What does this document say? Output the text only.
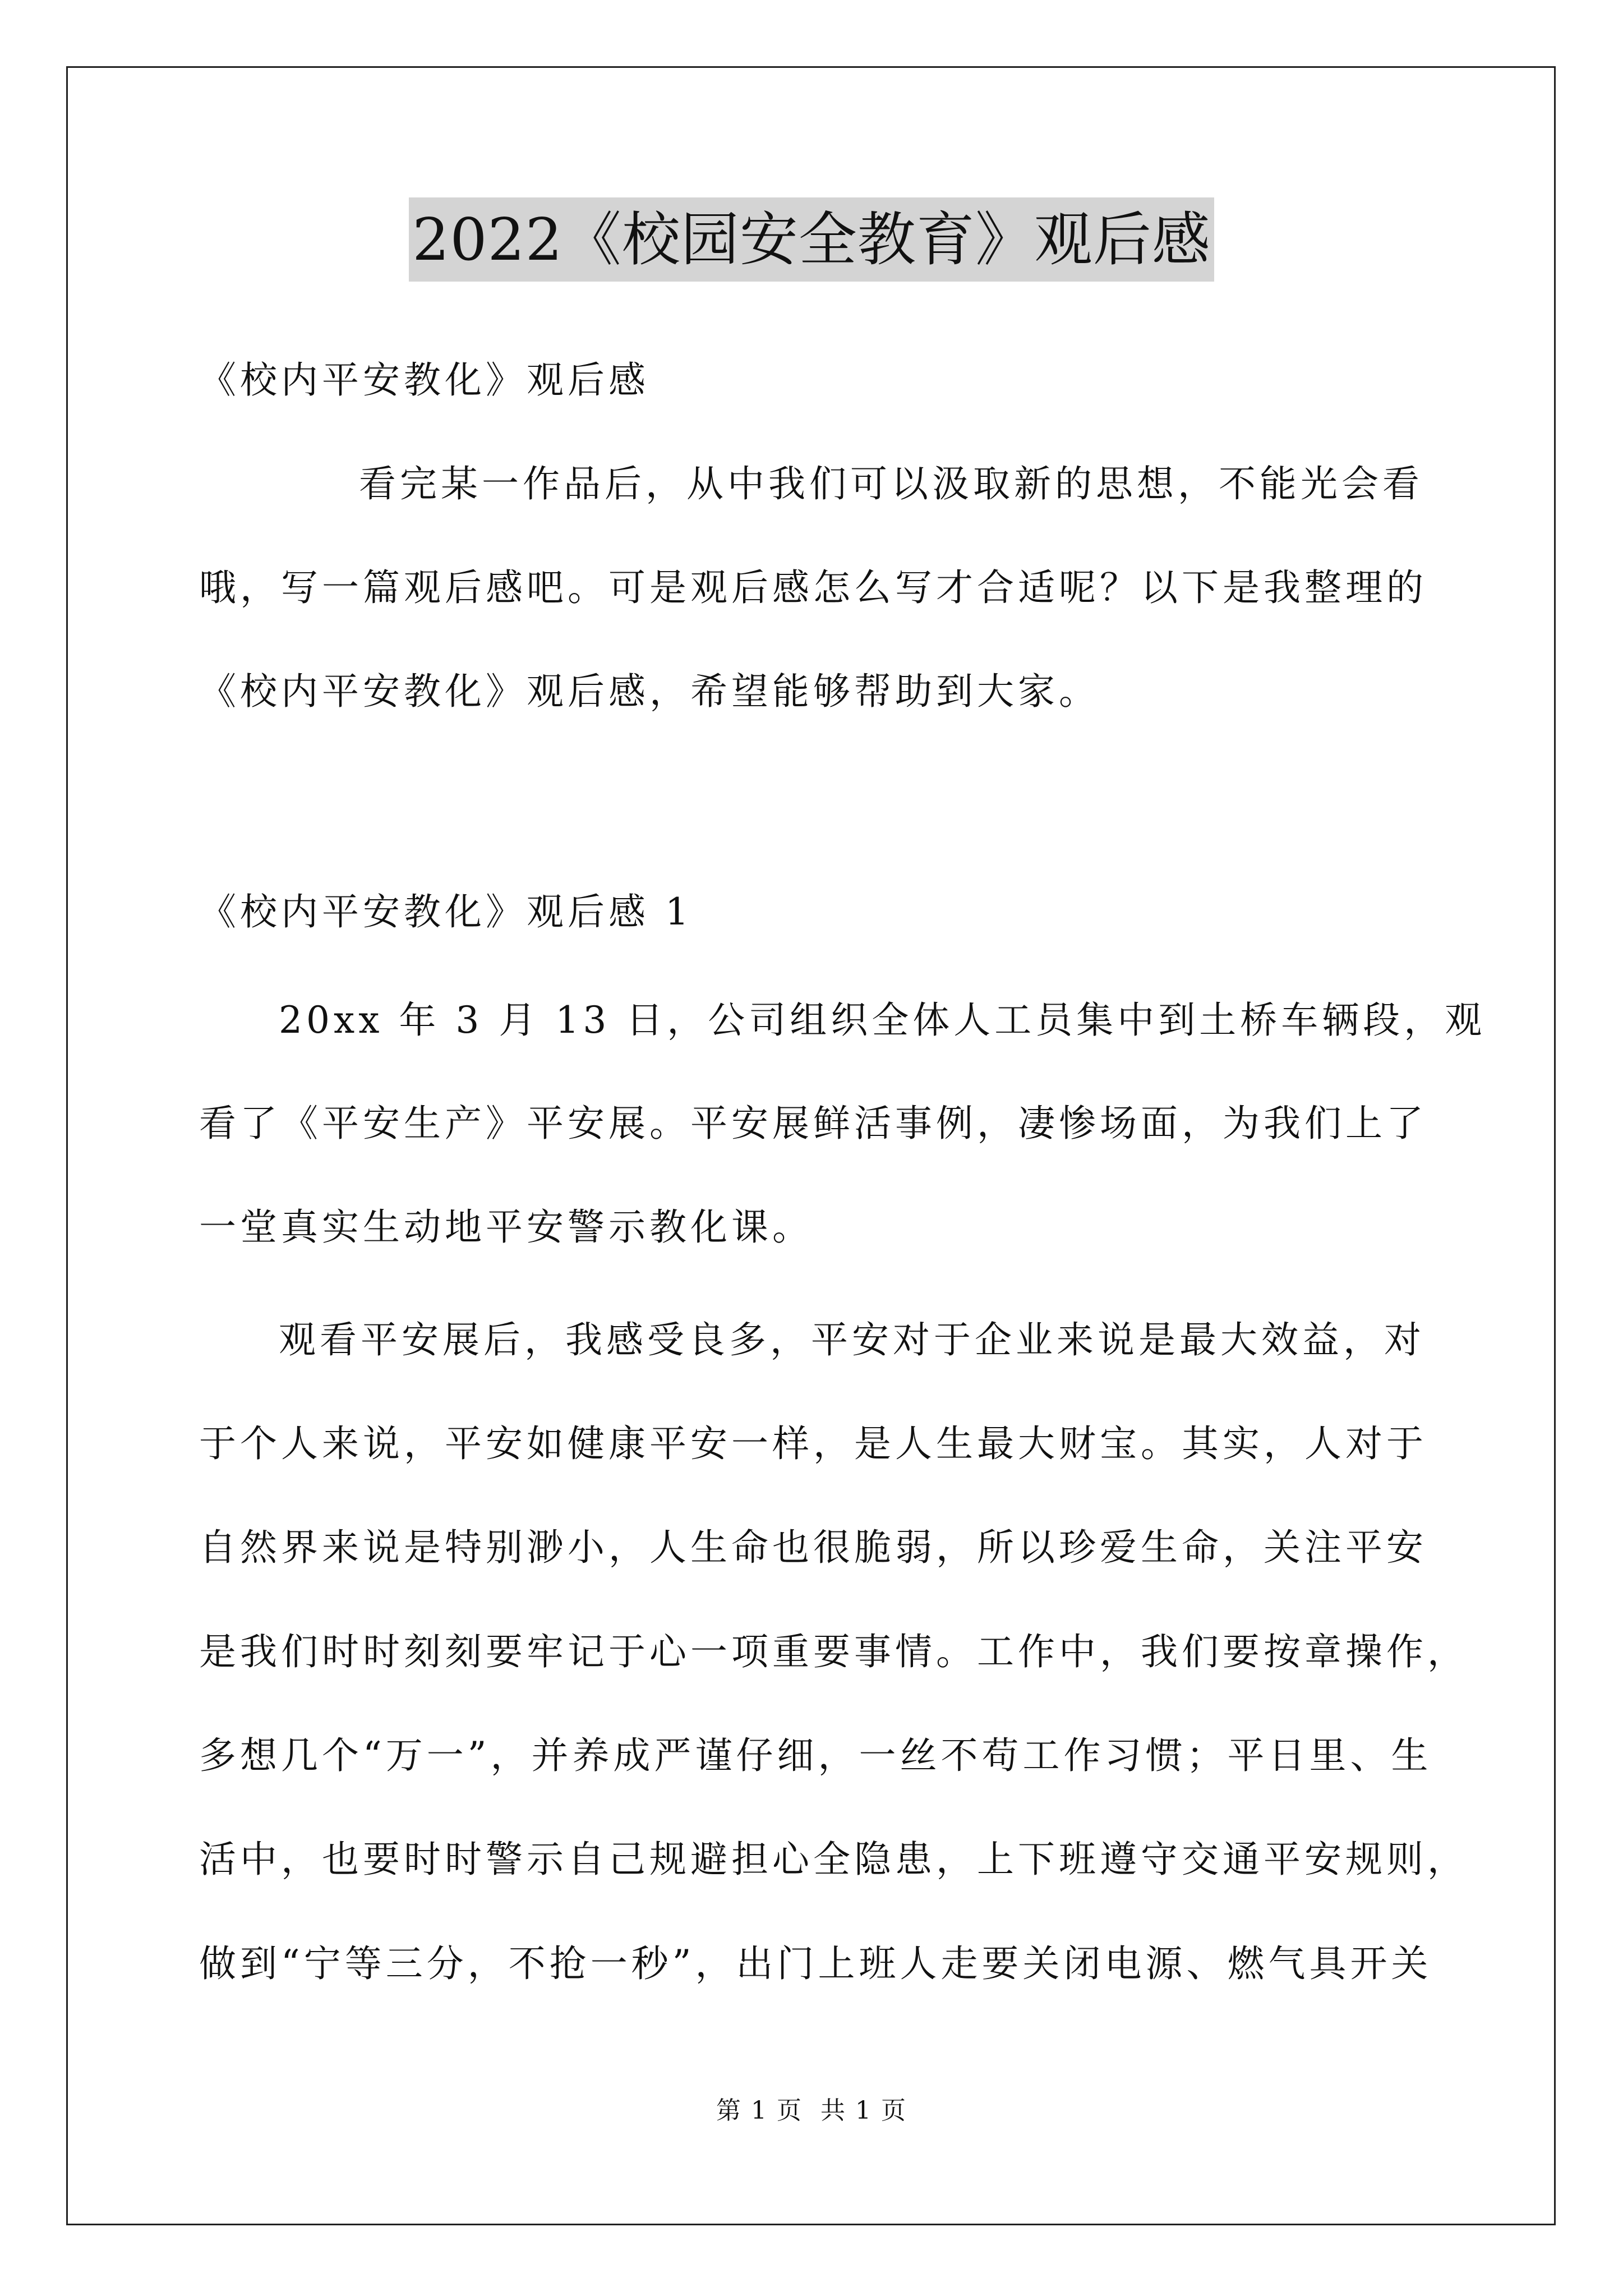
2022《校园安全教育》观后感
《校内平安教化》观后感
看完某一作品后，从中我们可以汲取新的思想，不能光会看
哦，写一篇观后感吧。可是观后感怎么写才合适呢？以下是我整理的
《校内平安教化》观后感，希望能够帮助到大家。
《校内平安教化》观后感 1
20xx 年 3 月 13 日，公司组织全体人工员集中到土桥车辆段，观
看了《平安生产》平安展。平安展鲜活事例，凄惨场面，为我们上了
一堂真实生动地平安警示教化课。
观看平安展后，我感受良多，平安对于企业来说是最大效益，对
于个人来说，平安如健康平安一样，是人生最大财宝。其实，人对于
自然界来说是特别渺小，人生命也很脆弱，所以珍爱生命，关注平安
是我们时时刻刻要牢记于心一项重要事情。工作中，我们要按章操作，
多想几个“万一”，并养成严谨仔细，一丝不苟工作习惯；平日里、生
活中，也要时时警示自己规避担心全隐患，上下班遵守交通平安规则，
做到“宁等三分，不抢一秒”，出门上班人走要关闭电源、燃气具开关
第 1 页 共 1 页
